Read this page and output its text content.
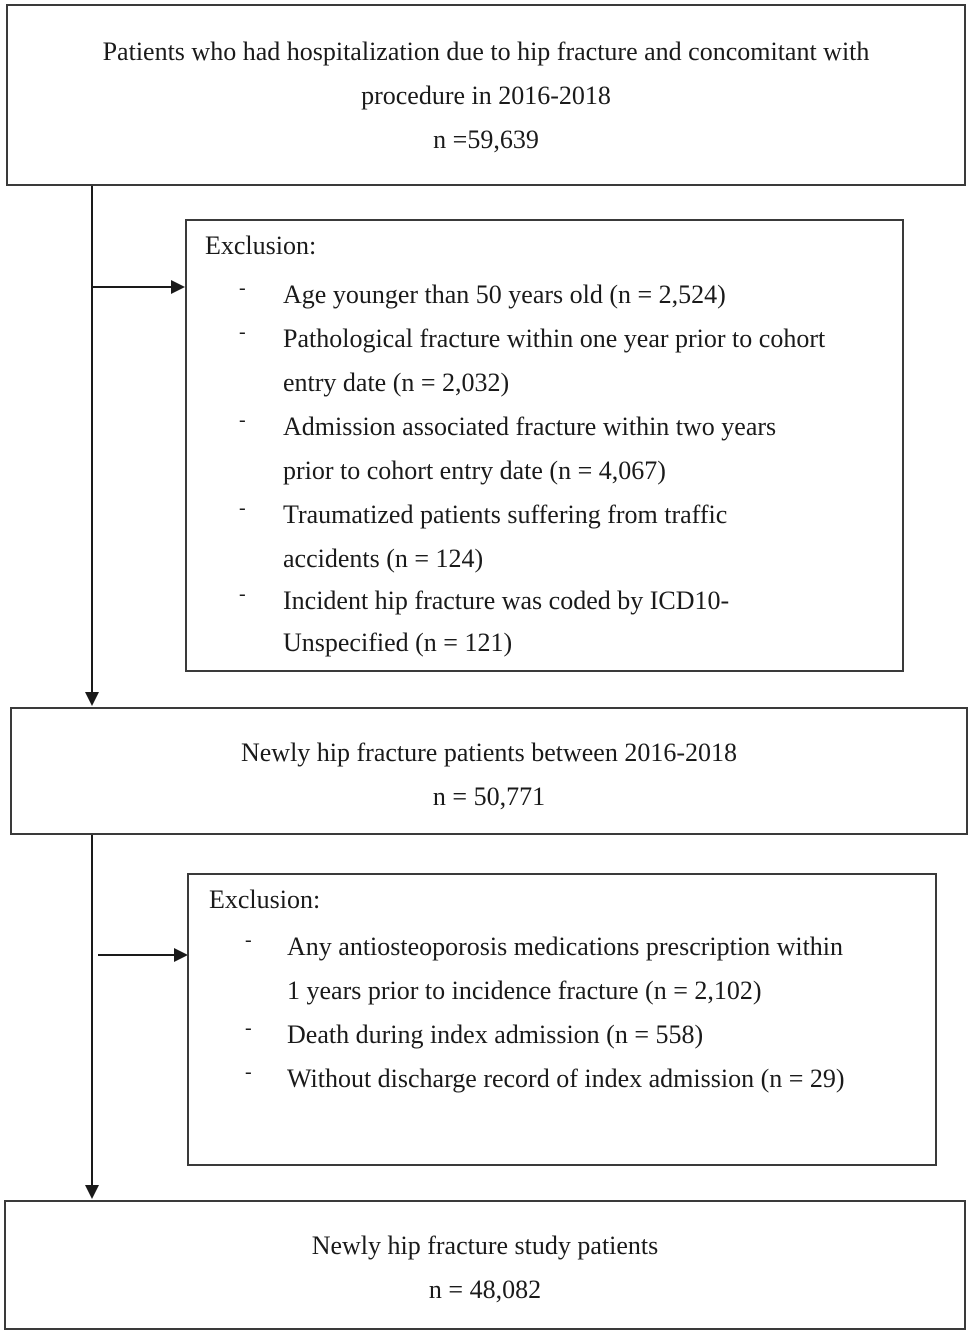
Patients who had hospitalization due to hip fracture and concomitant with
procedure in 2016-2018
n =59,639
Exclusion:
- Age younger than 50 years old (n = 2,524)
- Pathological fracture within one year prior to cohort
entry date (n = 2,032)
- Admission associated fracture within two years
prior to cohort entry date (n = 4,067)
- Traumatized patients suffering from traffic
accidents (n = 124)
- Incident hip fracture was coded by ICD10-
Unspecified (n = 121)
Newly hip fracture patients between 2016-2018
n = 50,771
Exclusion:
- Any antiosteoporosis medications prescription within
1 years prior to incidence fracture (n = 2,102)
- Death during index admission (n = 558)
- Without discharge record of index admission (n = 29)
Newly hip fracture study patients
n = 48,082
